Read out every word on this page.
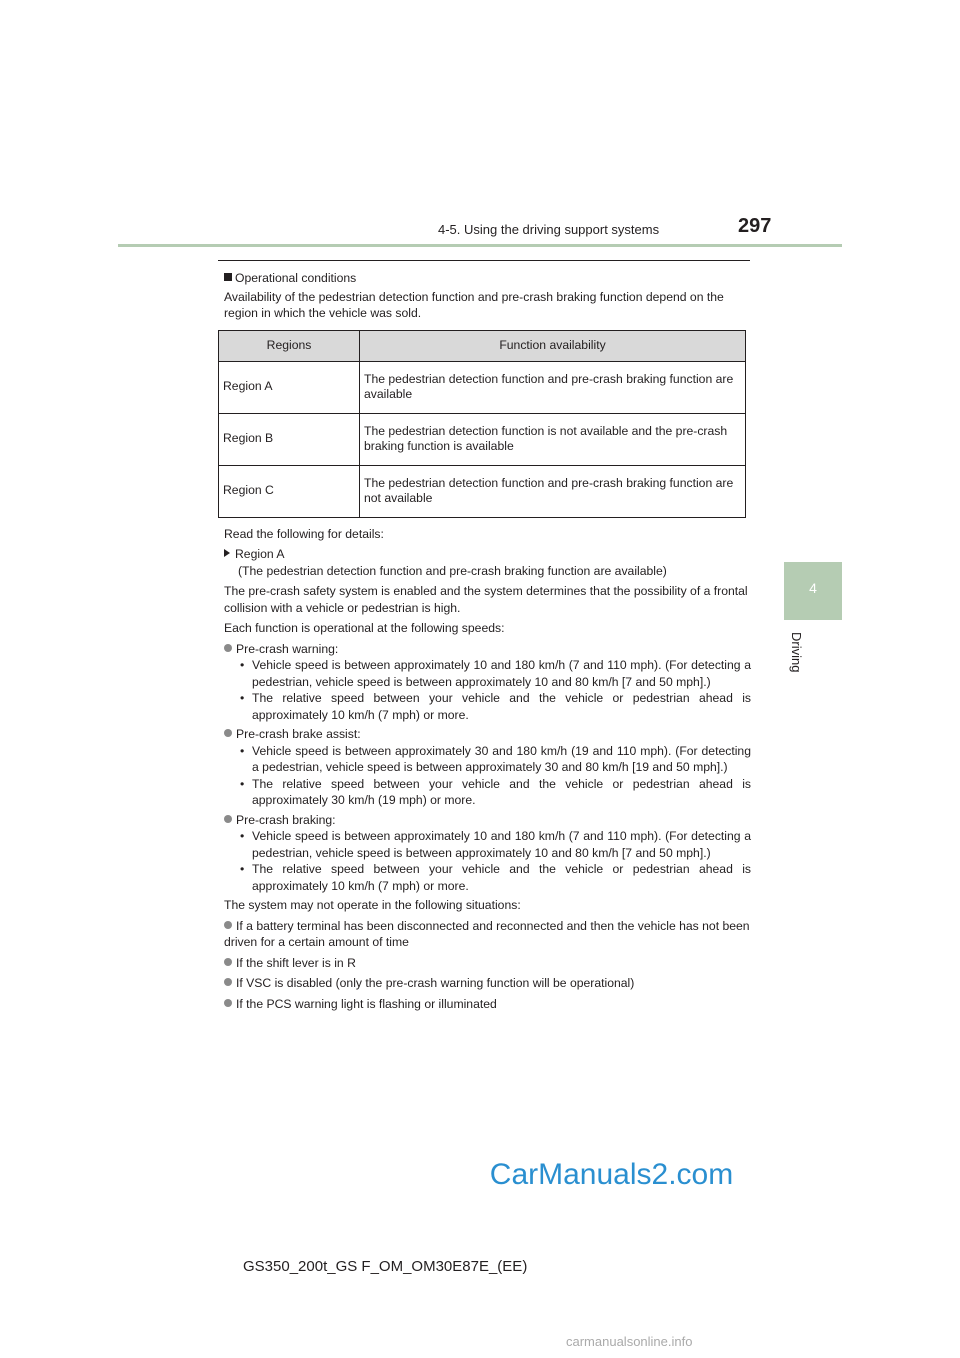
4-5. Using the driving support systems	297
4
Driving

Operational conditions

Availability of the pedestrian detection function and pre-crash braking function depend on the region in which the vehicle was sold.

Regions	Function availability
Region A	The pedestrian detection function and pre-crash braking function are available
Region B	The pedestrian detection function is not available and the pre-crash braking function is available
Region C	The pedestrian detection function and pre-crash braking function are not available

Read the following for details:

Region A

(The pedestrian detection function and pre-crash braking function are available)

The pre-crash safety system is enabled and the system determines that the possibility of a frontal collision with a vehicle or pedestrian is high.

Each function is operational at the following speeds:

Pre-crash warning:

• Vehicle speed is between approximately 10 and 180 km/h (7 and 110 mph). (For detecting a pedestrian, vehicle speed is between approximately 10 and 80 km/h [7 and 50 mph].)
• The relative speed between your vehicle and the vehicle or pedestrian ahead is approximately 10 km/h (7 mph) or more.

Pre-crash brake assist:

• Vehicle speed is between approximately 30 and 180 km/h (19 and 110 mph). (For detecting a pedestrian, vehicle speed is between approximately 30 and 80 km/h [19 and 50 mph].)
• The relative speed between your vehicle and the vehicle or pedestrian ahead is approximately 30 km/h (19 mph) or more.

Pre-crash braking:

• Vehicle speed is between approximately 10 and 180 km/h (7 and 110 mph). (For detecting a pedestrian, vehicle speed is between approximately 10 and 80 km/h [7 and 50 mph].)
• The relative speed between your vehicle and the vehicle or pedestrian ahead is approximately 10 km/h (7 mph) or more.

The system may not operate in the following situations:

If a battery terminal has been disconnected and reconnected and then the vehicle has not been driven for a certain amount of time

If the shift lever is in R

If VSC is disabled (only the pre-crash warning function will be operational)

If the PCS warning light is flashing or illuminated

CarManuals2.com
GS350_200t_GS F_OM_OM30E87E_(EE)
carmanualsonline.info
